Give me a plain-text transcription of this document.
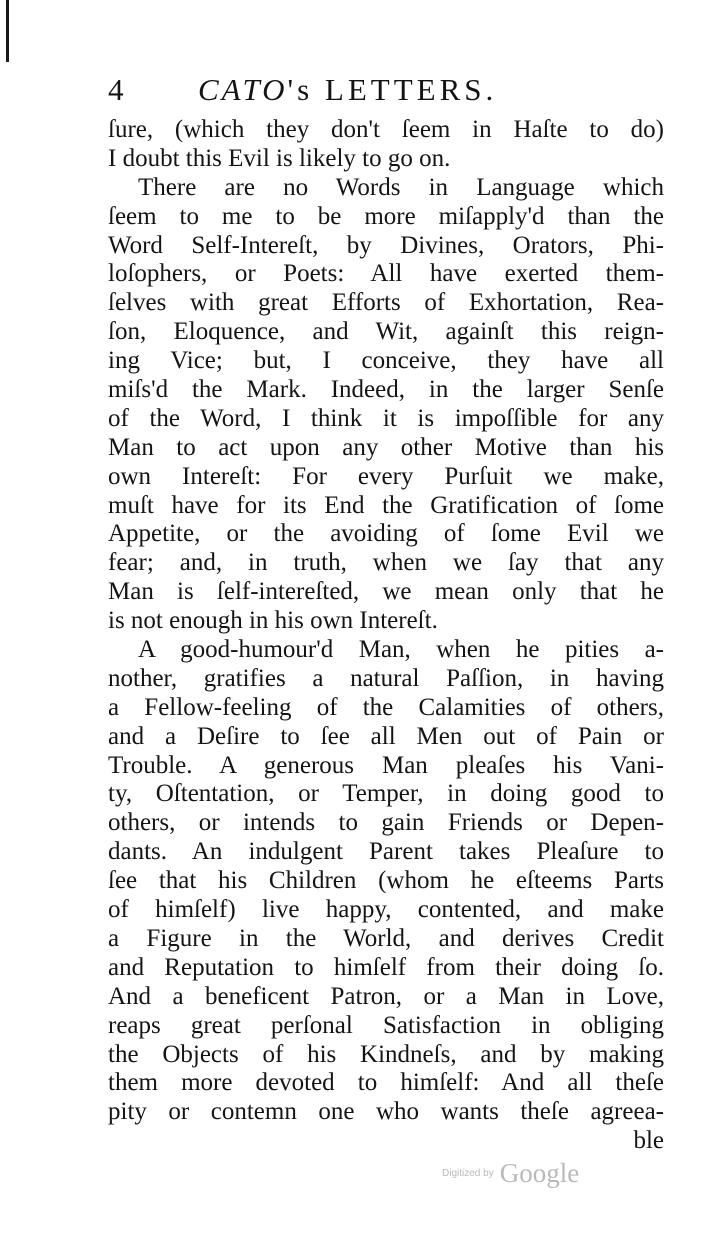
4 CATO's LETTERS.
ſure, (which they don't ſeem in Haſte to do)
I doubt this Evil is likely to go on.
There are no Words in Language which
ſeem to me to be more miſapply'd than the
Word Self-Intereſt, by Divines, Orators, Phi-
loſophers, or Poets: All have exerted them-
ſelves with great Efforts of Exhortation, Rea-
ſon, Eloquence, and Wit, againſt this reign-
ing Vice; but, I conceive, they have all
miſs'd the Mark. Indeed, in the larger Senſe
of the Word, I think it is impoſſible for any
Man to act upon any other Motive than his
own Intereſt: For every Purſuit we make,
muſt have for its End the Gratification of ſome
Appetite, or the avoiding of ſome Evil we
fear; and, in truth, when we ſay that any
Man is ſelf-intereſted, we mean only that he
is not enough in his own Intereſt.
A good-humour'd Man, when he pities a-
nother, gratifies a natural Paſſion, in having
a Fellow-feeling of the Calamities of others,
and a Deſire to ſee all Men out of Pain or
Trouble. A generous Man pleaſes his Vani-
ty, Oſtentation, or Temper, in doing good to
others, or intends to gain Friends or Depen-
dants. An indulgent Parent takes Pleaſure to
ſee that his Children (whom he eſteems Parts
of himſelf) live happy, contented, and make
a Figure in the World, and derives Credit
and Reputation to himſelf from their doing ſo.
And a beneficent Patron, or a Man in Love,
reaps great perſonal Satisfaction in obliging
the Objects of his Kindneſs, and by making
them more devoted to himſelf: And all theſe
pity or contemn one who wants theſe agreea-
ble
Digitized by Google
